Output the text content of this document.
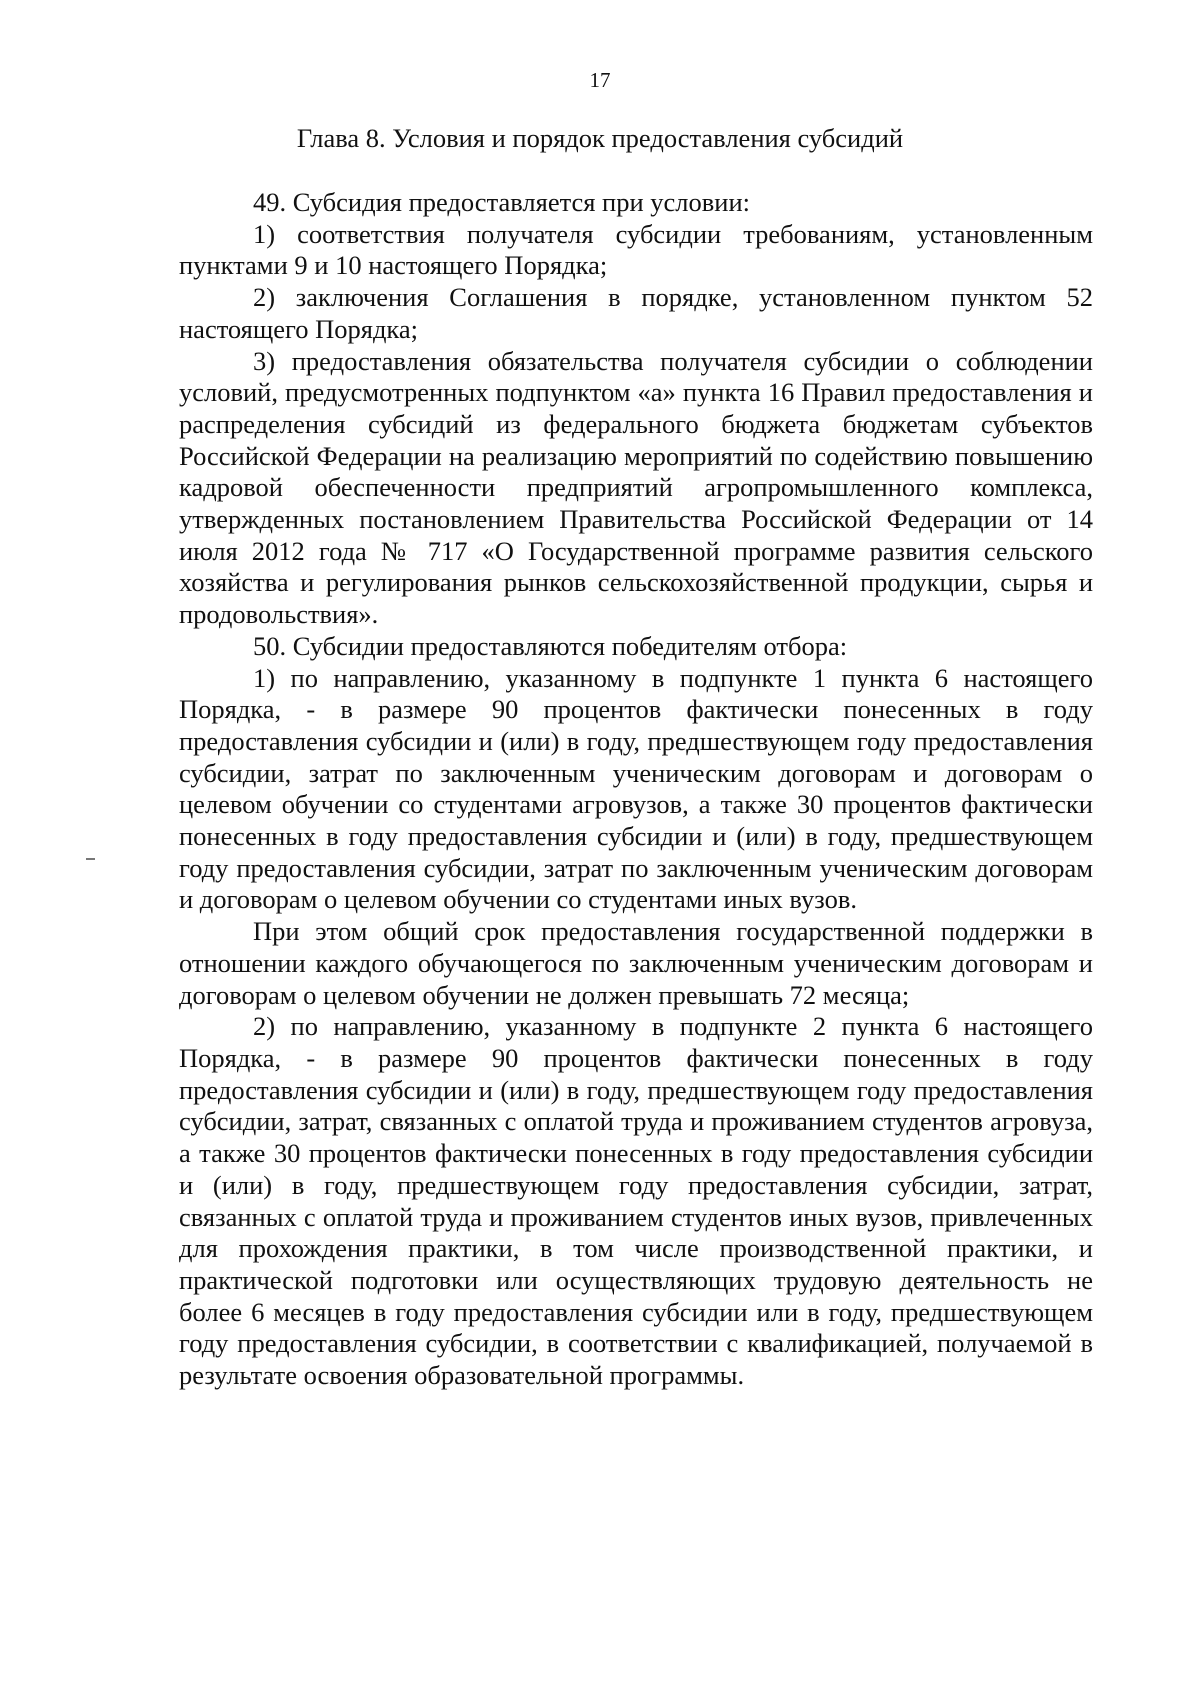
17
Глава 8. Условия и порядок предоставления субсидий

49. Субсидия предоставляется при условии:

1) соответствия получателя субсидии требованиям, установленным пунктами 9 и 10 настоящего Порядка;

2) заключения Соглашения в порядке, установленном пунктом 52 настоящего Порядка;

3) предоставления обязательства получателя субсидии о соблюдении условий, предусмотренных подпунктом «а» пункта 16 Правил предоставления и распределения субсидий из федерального бюджета бюджетам субъектов Российской Федерации на реализацию мероприятий по содействию повышению кадровой обеспеченности предприятий агропромышленного комплекса, утвержденных постановлением Правительства Российской Федерации от 14 июля 2012 года № 717 «О Государственной программе развития сельского хозяйства и регулирования рынков сельскохозяйственной продукции, сырья и продовольствия».

50. Субсидии предоставляются победителям отбора:

1) по направлению, указанному в подпункте 1 пункта 6 настоящего Порядка, - в размере 90 процентов фактически понесенных в году предоставления субсидии и (или) в году, предшествующем году предоставления субсидии, затрат по заключенным ученическим договорам и договорам о целевом обучении со студентами агровузов, а также 30 процентов фактически понесенных в году предоставления субсидии и (или) в году, предшествующем году предоставления субсидии, затрат по заключенным ученическим договорам и договорам о целевом обучении со студентами иных вузов.

При этом общий срок предоставления государственной поддержки в отношении каждого обучающегося по заключенным ученическим договорам и договорам о целевом обучении не должен превышать 72 месяца;

2) по направлению, указанному в подпункте 2 пункта 6 настоящего Порядка, - в размере 90 процентов фактически понесенных в году предоставления субсидии и (или) в году, предшествующем году предоставления субсидии, затрат, связанных с оплатой труда и проживанием студентов агровуза, а также 30 процентов фактически понесенных в году предоставления субсидии и (или) в году, предшествующем году предоставления субсидии, затрат, связанных с оплатой труда и проживанием студентов иных вузов, привлеченных для прохождения практики, в том числе производственной практики, и практической подготовки или осуществляющих трудовую деятельность не более 6 месяцев в году предоставления субсидии или в году, предшествующем году предоставления субсидии, в соответствии с квалификацией, получаемой в результате освоения образовательной программы.
